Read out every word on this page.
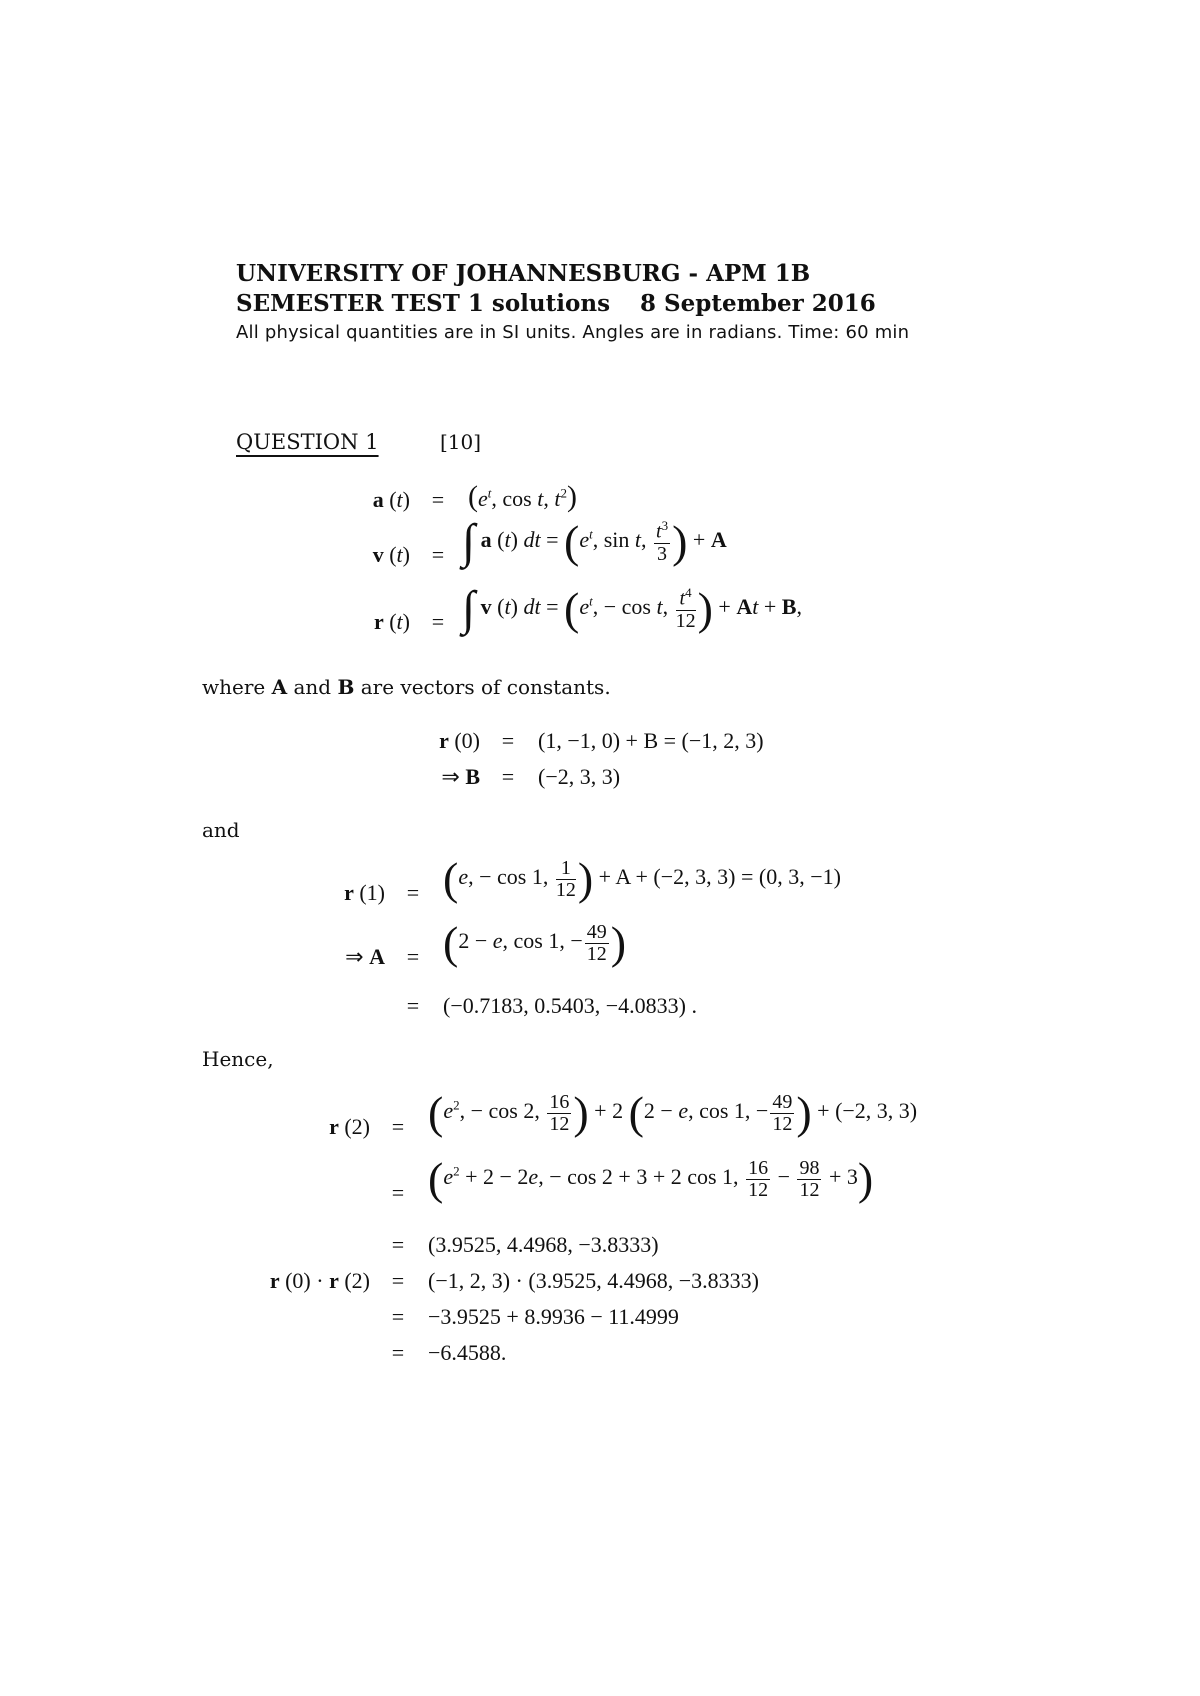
UNIVERSITY OF JOHANNESBURG - APM 1B
SEMESTER TEST 1 solutions 8 September 2016
All physical quantities are in SI units. Angles are in radians. Time: 60 min
QUESTION 1	[10]
a $(t) = (e^t$, cos t, $t^2$)
v (t) = ∫ a (t) dt = ($e^t$, sin t, $\frac{t^3}{3}$ ) + A
r (t) = ∫ v (t) dt = ($e^t$, − cos t, $\frac{t^4}{12}$ ) + At + B,
where A and B are vectors of constants.
r (0) =	(1, −1, 0) + B = (−1, 2, 3)
⇒ B =	(−2, 3, 3)
and
r (1) = (e, − cos 1, $\frac{1}{12}$ ) + A + (−2, 3, 3) = (0, 3, −1)
⇒ A = (2 − e, cos 1, − $\frac{49}{12}$ )
=	(−0.7183, 0.5403, −4.0833) .
Hence,
r $(2) = (e^2$, − cos 2, $\frac{16}{12}$ ) + 2 (2 − e, cos 1, − $\frac{49}{12}$ ) + (−2, 3, 3)
= ($e^2 + 2 - 2e$, − cos 2 + 3 + 2 cos 1, $\frac{16}{12} - \frac{98}{12} + 3$)
=	(3.9525, 4.4968, −3.8333)
r (0) · r (2) =	(−1, 2, 3) · (3.9525, 4.4968, −3.8333)
=	−3.9525 + 8.9936 − 11.4999
=	−6.4588.
